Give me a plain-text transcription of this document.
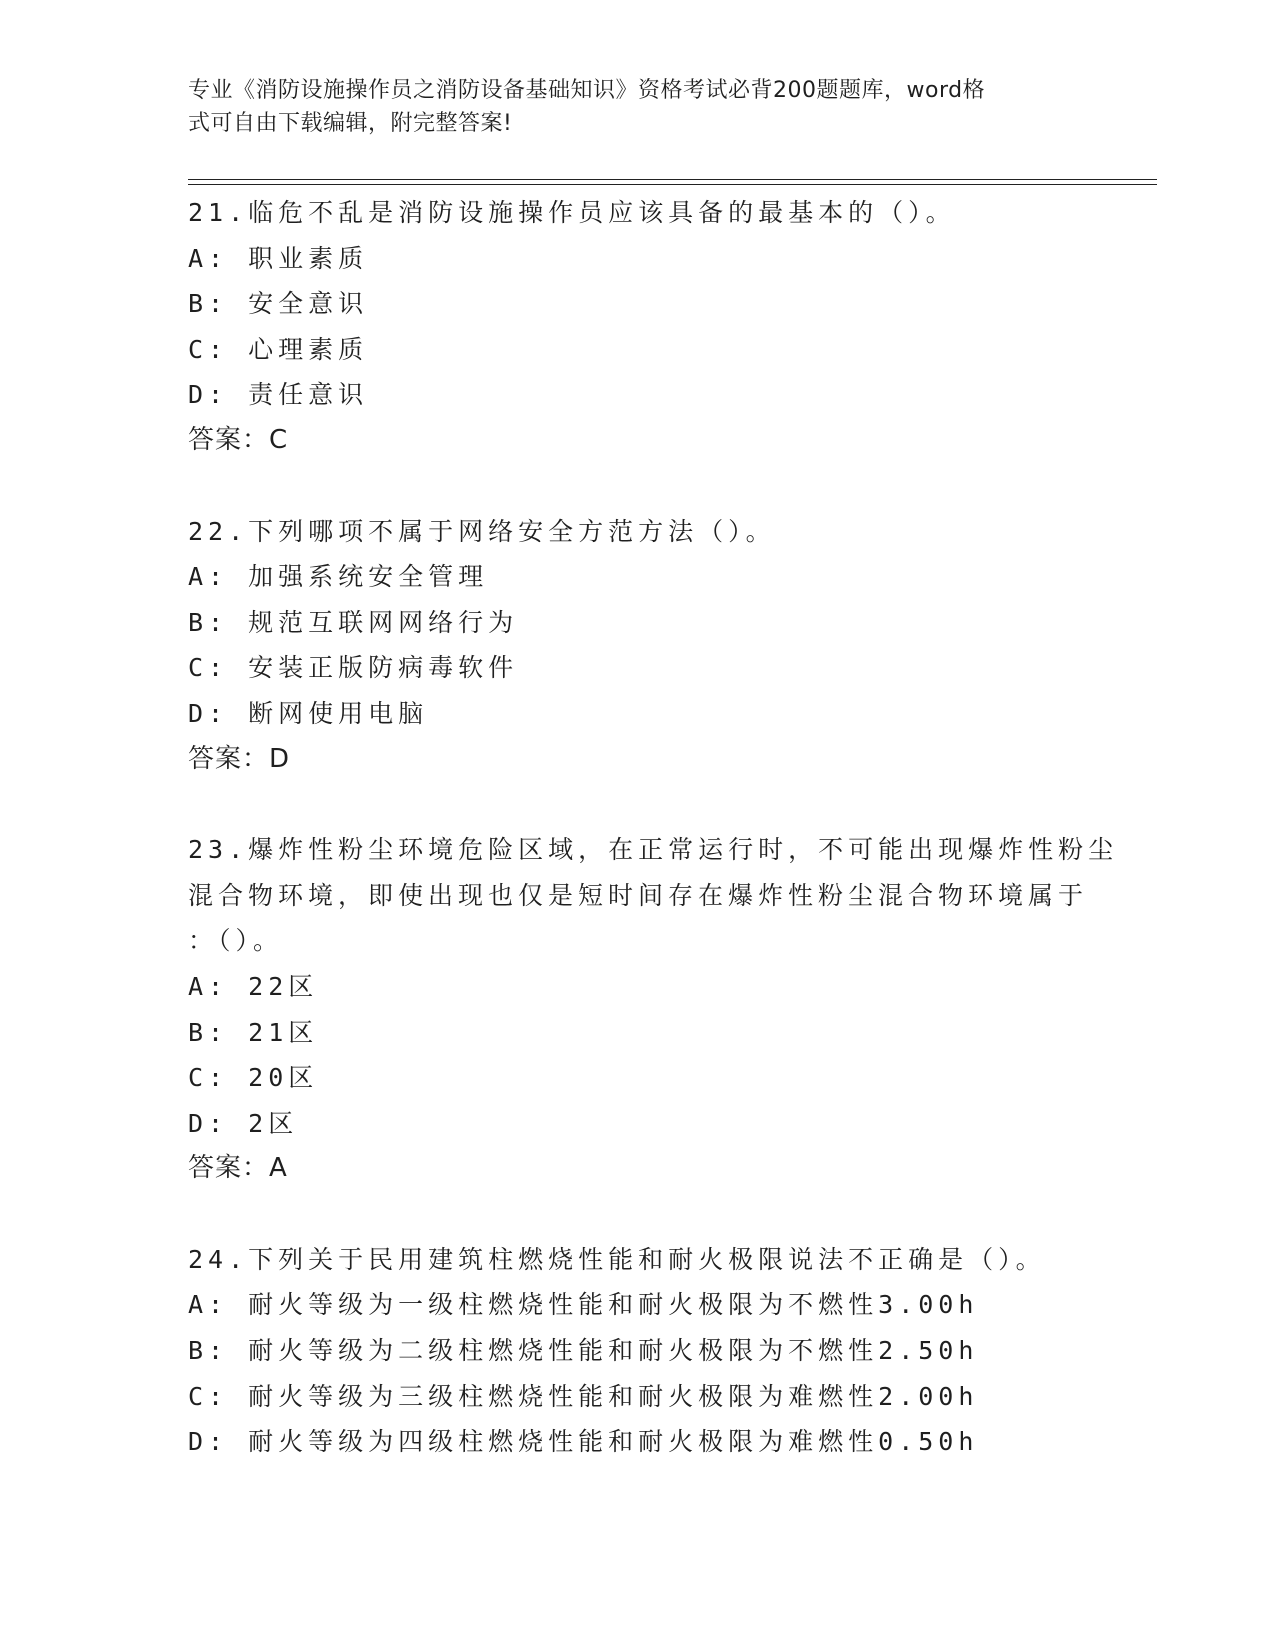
专业《消防设施操作员之消防设备基础知识》资格考试必背200题题库，word格
式可自由下载编辑，附完整答案!
21.临危不乱是消防设施操作员应该具备的最基本的（）。
A: 职业素质
B: 安全意识
C: 心理素质
D: 责任意识
答案：C
22.下列哪项不属于网络安全方范方法（）。
A: 加强系统安全管理
B: 规范互联网网络行为
C: 安装正版防病毒软件
D: 断网使用电脑
答案：D
23.爆炸性粉尘环境危险区域，在正常运行时，不可能出现爆炸性粉尘
混合物环境，即使出现也仅是短时间存在爆炸性粉尘混合物环境属于
：（）。
A: 22区
B: 21区
C: 20区
D: 2区
答案：A
24.下列关于民用建筑柱燃烧性能和耐火极限说法不正确是（）。
A: 耐火等级为一级柱燃烧性能和耐火极限为不燃性3.00h
B: 耐火等级为二级柱燃烧性能和耐火极限为不燃性2.50h
C: 耐火等级为三级柱燃烧性能和耐火极限为难燃性2.00h
D: 耐火等级为四级柱燃烧性能和耐火极限为难燃性0.50h
